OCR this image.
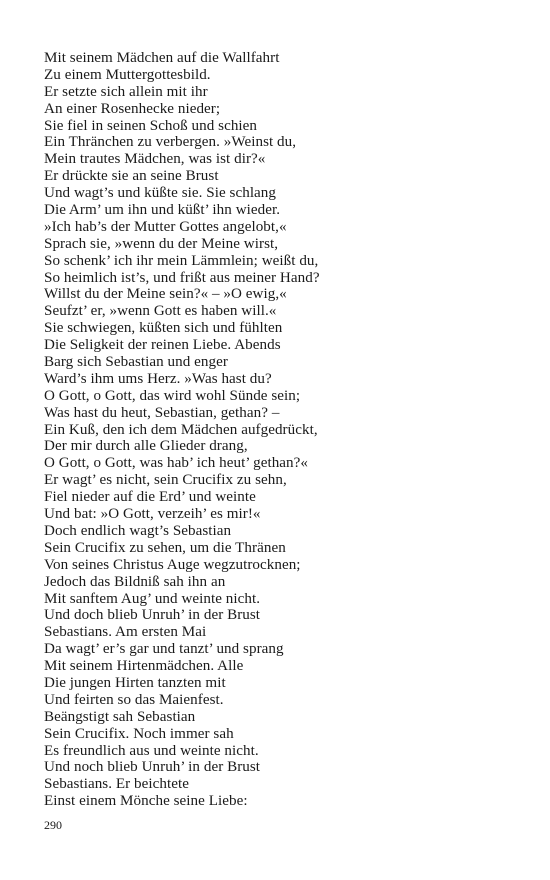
Mit seinem Mädchen auf die Wallfahrt
Zu einem Muttergottesbild.
Er setzte sich allein mit ihr
An einer Rosenhecke nieder;
Sie fiel in seinen Schoß und schien
Ein Thränchen zu verbergen. »Weinst du,
Mein trautes Mädchen, was ist dir?«
Er drückte sie an seine Brust
Und wagt’s und küßte sie. Sie schlang
Die Arm’ um ihn und küßt’ ihn wieder.
»Ich hab’s der Mutter Gottes angelobt,«
Sprach sie, »wenn du der Meine wirst,
So schenk’ ich ihr mein Lämmlein; weißt du,
So heimlich ist’s, und frißt aus meiner Hand?
Willst du der Meine sein?« – »O ewig,«
Seufzt’ er, »wenn Gott es haben will.«
Sie schwiegen, küßten sich und fühlten
Die Seligkeit der reinen Liebe. Abends
Barg sich Sebastian und enger
Ward’s ihm ums Herz. »Was hast du?
O Gott, o Gott, das wird wohl Sünde sein;
Was hast du heut, Sebastian, gethan? –
Ein Kuß, den ich dem Mädchen aufgedrückt,
Der mir durch alle Glieder drang,
O Gott, o Gott, was hab’ ich heut’ gethan?«
Er wagt’ es nicht, sein Crucifix zu sehn,
Fiel nieder auf die Erd’ und weinte
Und bat: »O Gott, verzeih’ es mir!«
Doch endlich wagt’s Sebastian
Sein Crucifix zu sehen, um die Thränen
Von seines Christus Auge wegzutrocknen;
Jedoch das Bildniß sah ihn an
Mit sanftem Aug’ und weinte nicht.
Und doch blieb Unruh’ in der Brust
Sebastians. Am ersten Mai
Da wagt’ er’s gar und tanzt’ und sprang
Mit seinem Hirtenmädchen. Alle
Die jungen Hirten tanzten mit
Und feirten so das Maienfest.
Beängstigt sah Sebastian
Sein Crucifix. Noch immer sah
Es freundlich aus und weinte nicht.
Und noch blieb Unruh’ in der Brust
Sebastians. Er beichtete
Einst einem Mönche seine Liebe:
290
